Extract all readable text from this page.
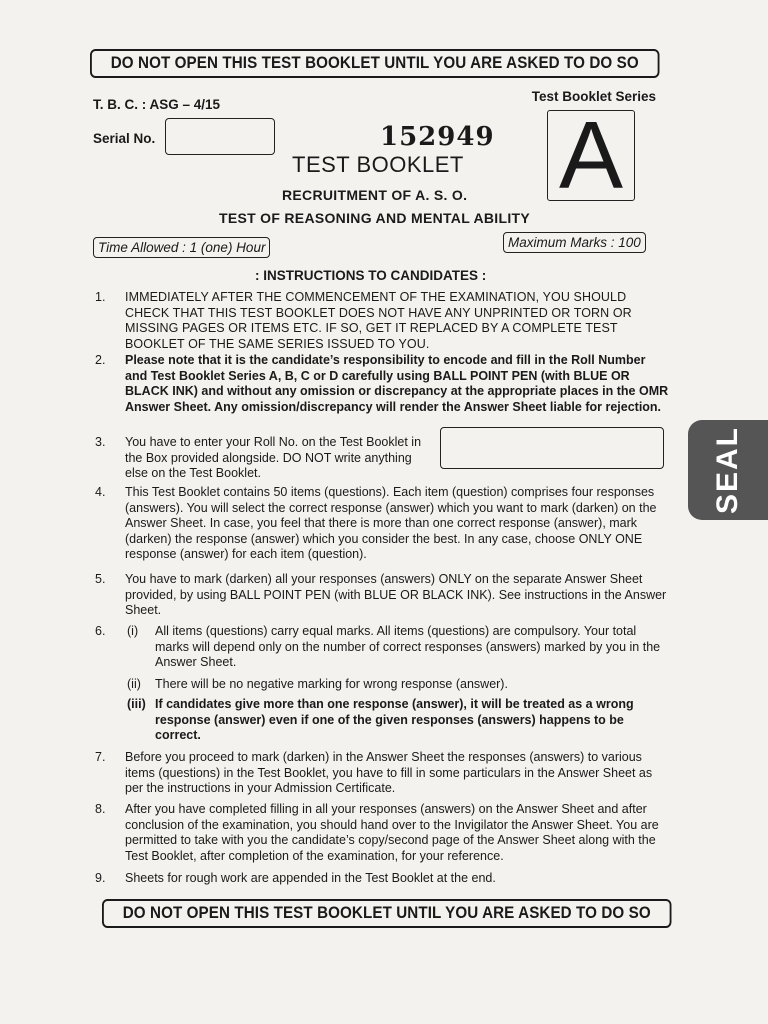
DO NOT OPEN THIS TEST BOOKLET UNTIL YOU ARE ASKED TO DO SO
T. B. C. : ASG – 4/15
Serial No.
Test Booklet Series
A
152949
TEST BOOKLET
RECRUITMENT OF A. S. O.
TEST OF REASONING AND MENTAL ABILITY
Time Allowed : 1 (one) Hour	Maximum Marks : 100
: INSTRUCTIONS TO CANDIDATES :
1.	IMMEDIATELY AFTER THE COMMENCEMENT OF THE EXAMINATION, YOU SHOULD CHECK THAT THIS TEST BOOKLET DOES NOT HAVE ANY UNPRINTED OR TORN OR MISSING PAGES OR ITEMS ETC. IF SO, GET IT REPLACED BY A COMPLETE TEST BOOKLET OF THE SAME SERIES ISSUED TO YOU.
2.	Please note that it is the candidate’s responsibility to encode and fill in the Roll Number and Test Booklet Series A, B, C or D carefully using BALL POINT PEN (with BLUE OR BLACK INK) and without any omission or discrepancy at the appropriate places in the OMR Answer Sheet. Any omission/discrepancy will render the Answer Sheet liable for rejection.
3.	You have to enter your Roll No. on the Test Booklet in the Box provided alongside. DO NOT write anything else on the Test Booklet.
4.	This Test Booklet contains 50 items (questions). Each item (question) comprises four responses (answers). You will select the correct response (answer) which you want to mark (darken) on the Answer Sheet. In case, you feel that there is more than one correct response (answer), mark (darken) the response (answer) which you consider the best. In any case, choose ONLY ONE response (answer) for each item (question).
5.	You have to mark (darken) all your responses (answers) ONLY on the separate Answer Sheet provided, by using BALL POINT PEN (with BLUE OR BLACK INK). See instructions in the Answer Sheet.
6.	(i) All items (questions) carry equal marks. All items (questions) are compulsory. Your total marks will depend only on the number of correct responses (answers) marked by you in the Answer Sheet.
(ii) There will be no negative marking for wrong response (answer).
(iii) If candidates give more than one response (answer), it will be treated as a wrong response (answer) even if one of the given responses (answers) happens to be correct.
7.	Before you proceed to mark (darken) in the Answer Sheet the responses (answers) to various items (questions) in the Test Booklet, you have to fill in some particulars in the Answer Sheet as per the instructions in your Admission Certificate.
8.	After you have completed filling in all your responses (answers) on the Answer Sheet and after conclusion of the examination, you should hand over to the Invigilator the Answer Sheet. You are permitted to take with you the candidate’s copy/second page of the Answer Sheet along with the Test Booklet, after completion of the examination, for your reference.
9.	Sheets for rough work are appended in the Test Booklet at the end.
DO NOT OPEN THIS TEST BOOKLET UNTIL YOU ARE ASKED TO DO SO
SEAL
